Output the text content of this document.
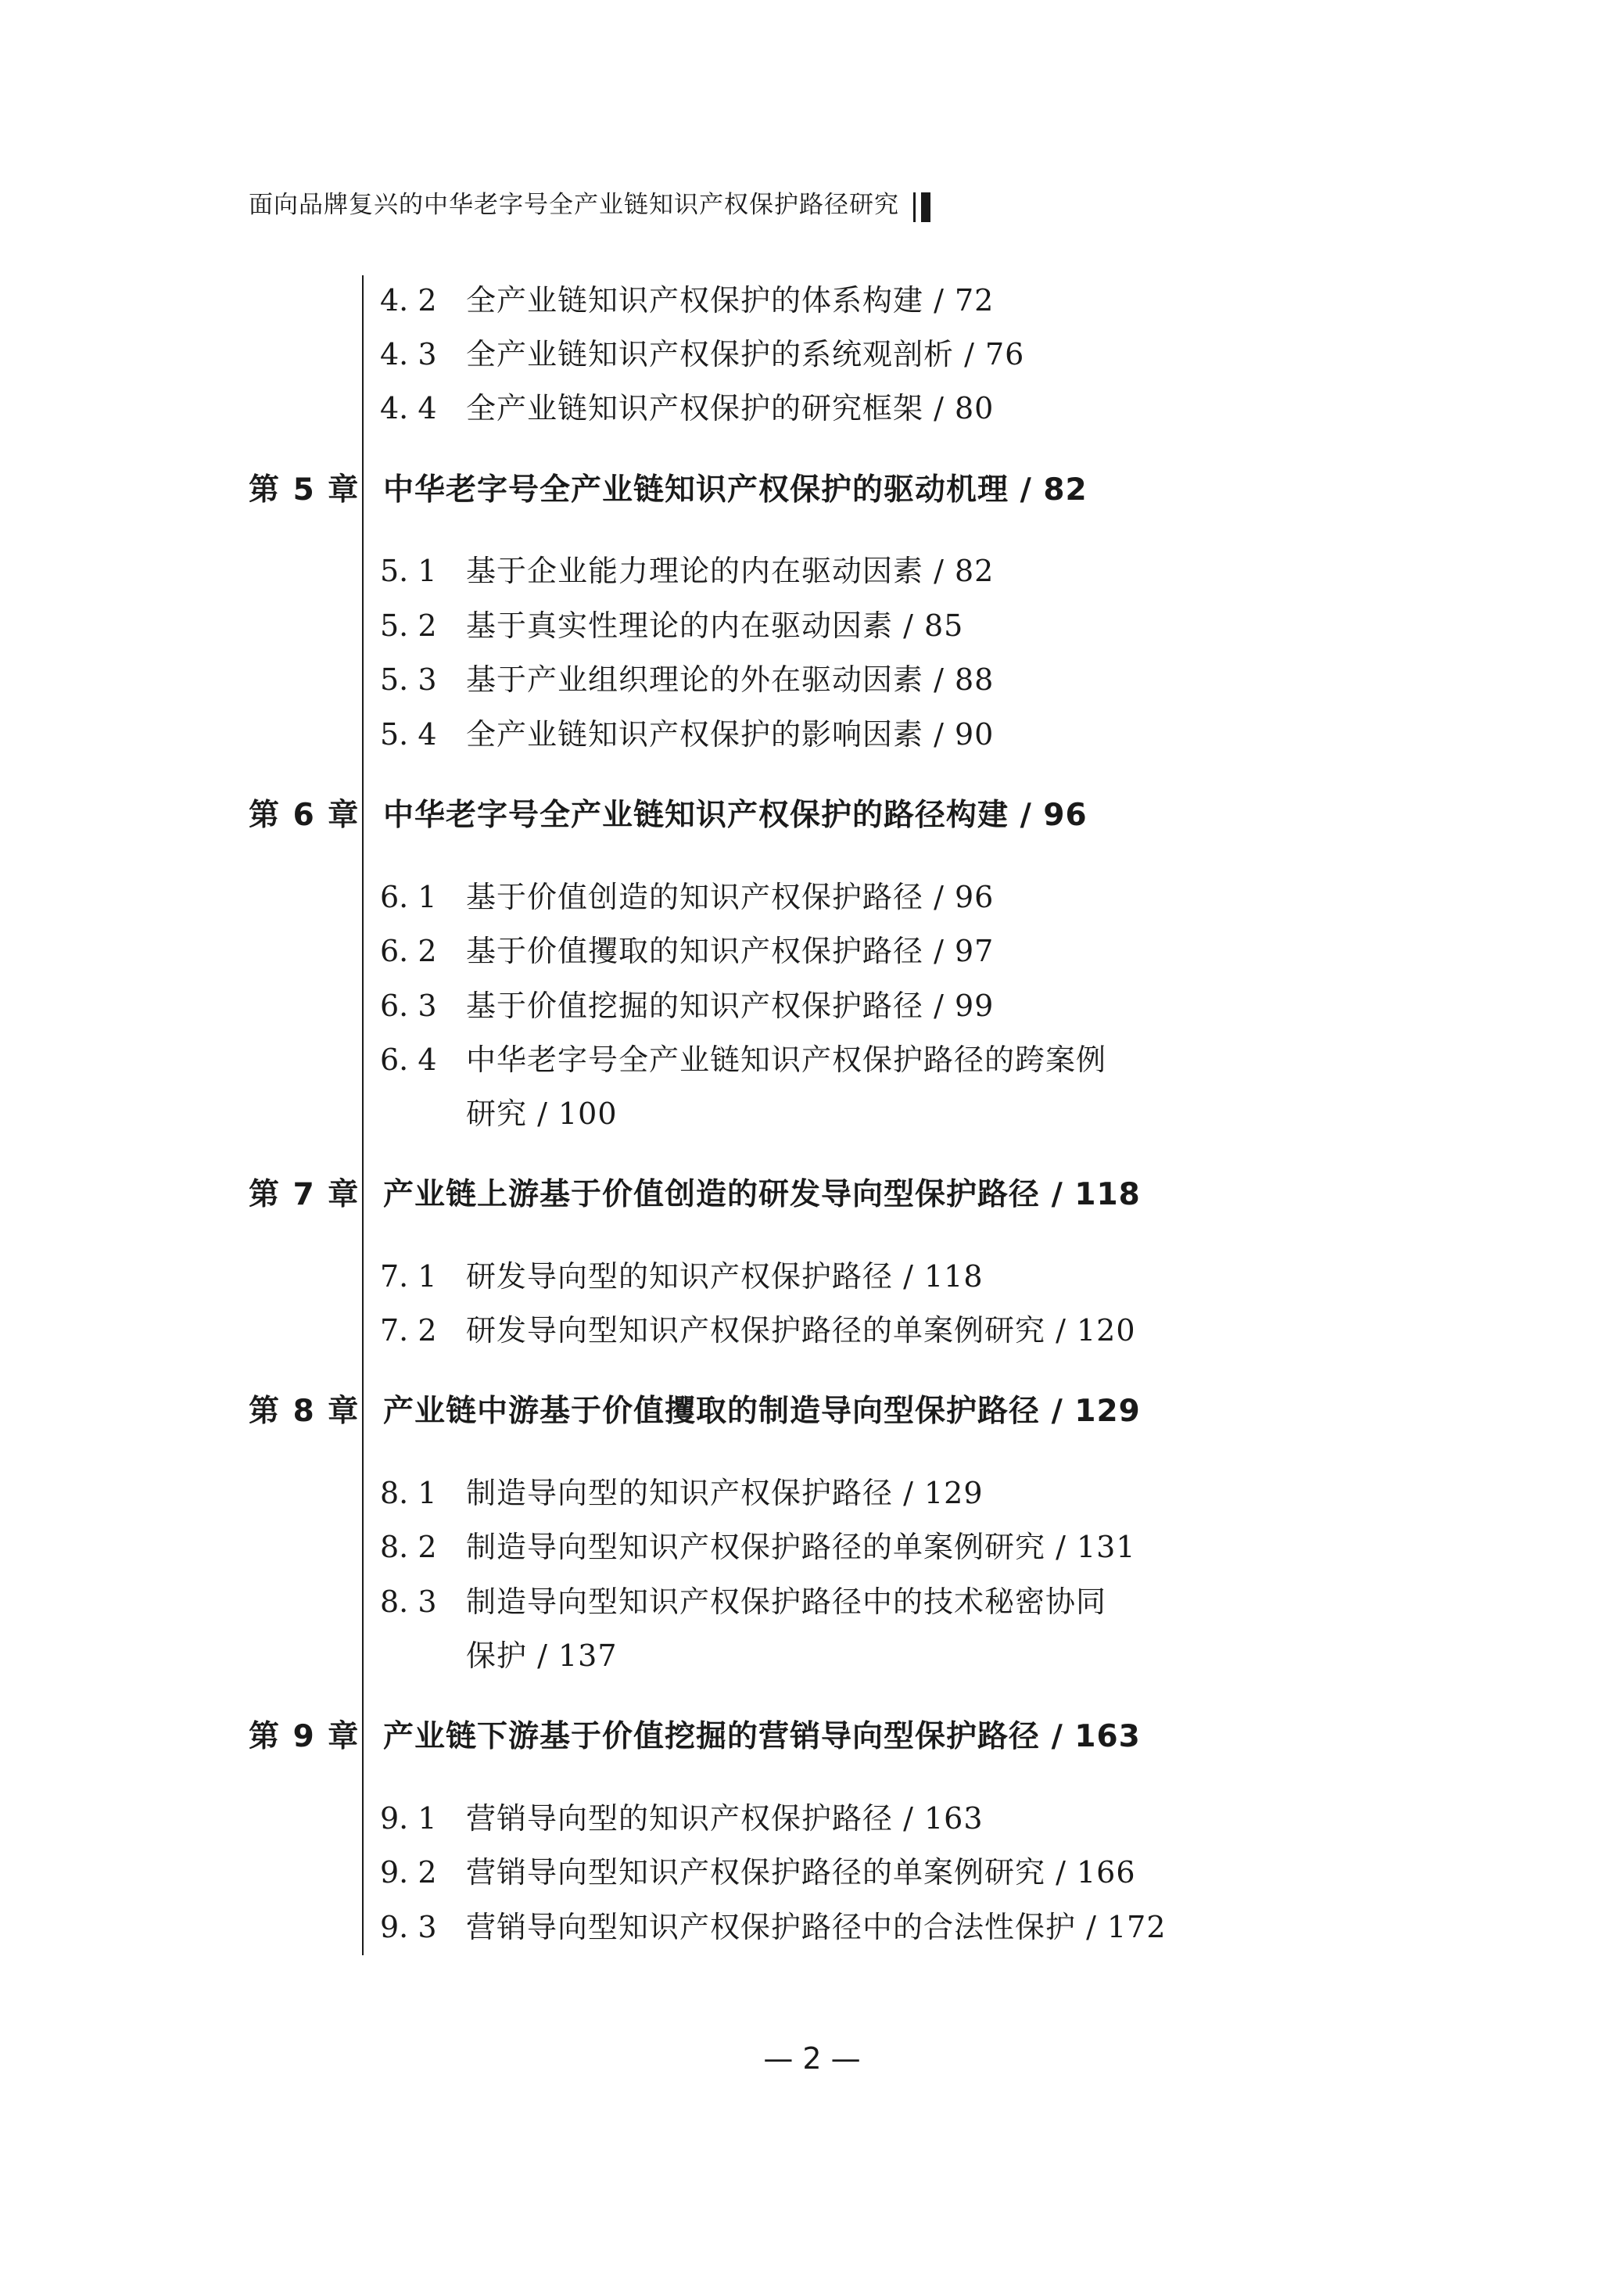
面向品牌复兴的中华老字号全产业链知识产权保护路径研究
4. 2 全产业链知识产权保护的体系构建 / 72
4. 3 全产业链知识产权保护的系统观剖析 / 76
4. 4 全产业链知识产权保护的研究框架 / 80
第 5 章 中华老字号全产业链知识产权保护的驱动机理 / 82
5. 1 基于企业能力理论的内在驱动因素 / 82
5. 2 基于真实性理论的内在驱动因素 / 85
5. 3 基于产业组织理论的外在驱动因素 / 88
5. 4 全产业链知识产权保护的影响因素 / 90
第 6 章 中华老字号全产业链知识产权保护的路径构建 / 96
6. 1 基于价值创造的知识产权保护路径 / 96
6. 2 基于价值攫取的知识产权保护路径 / 97
6. 3 基于价值挖掘的知识产权保护路径 / 99
6. 4 中华老字号全产业链知识产权保护路径的跨案例
研究 / 100
第 7 章 产业链上游基于价值创造的研发导向型保护路径 / 118
7. 1 研发导向型的知识产权保护路径 / 118
7. 2 研发导向型知识产权保护路径的单案例研究 / 120
第 8 章 产业链中游基于价值攫取的制造导向型保护路径 / 129
8. 1 制造导向型的知识产权保护路径 / 129
8. 2 制造导向型知识产权保护路径的单案例研究 / 131
8. 3 制造导向型知识产权保护路径中的技术秘密协同
保护 / 137
第 9 章 产业链下游基于价值挖掘的营销导向型保护路径 / 163
9. 1 营销导向型的知识产权保护路径 / 163
9. 2 营销导向型知识产权保护路径的单案例研究 / 166
9. 3 营销导向型知识产权保护路径中的合法性保护 / 172
— 2 —
